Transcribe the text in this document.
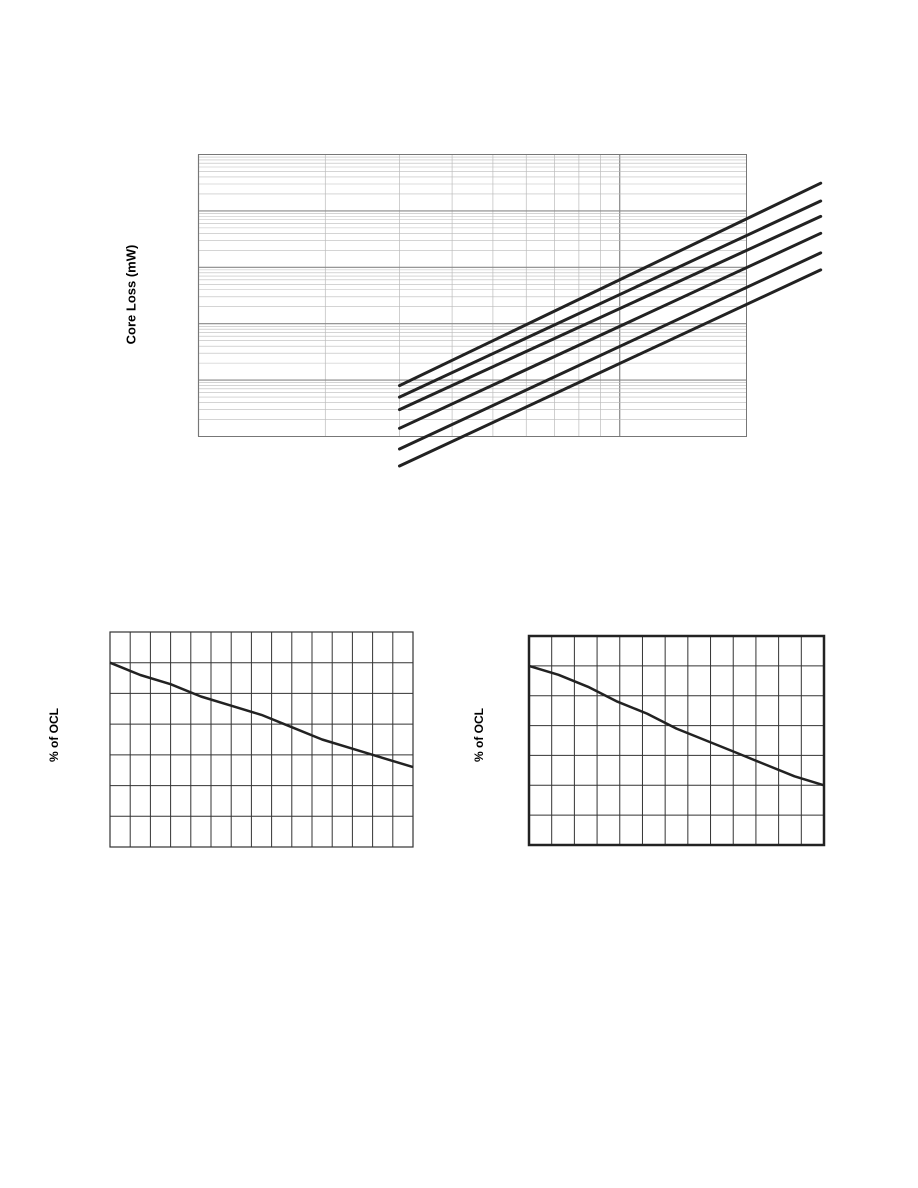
Core Loss (mW)
% of OCL	% of OCL
